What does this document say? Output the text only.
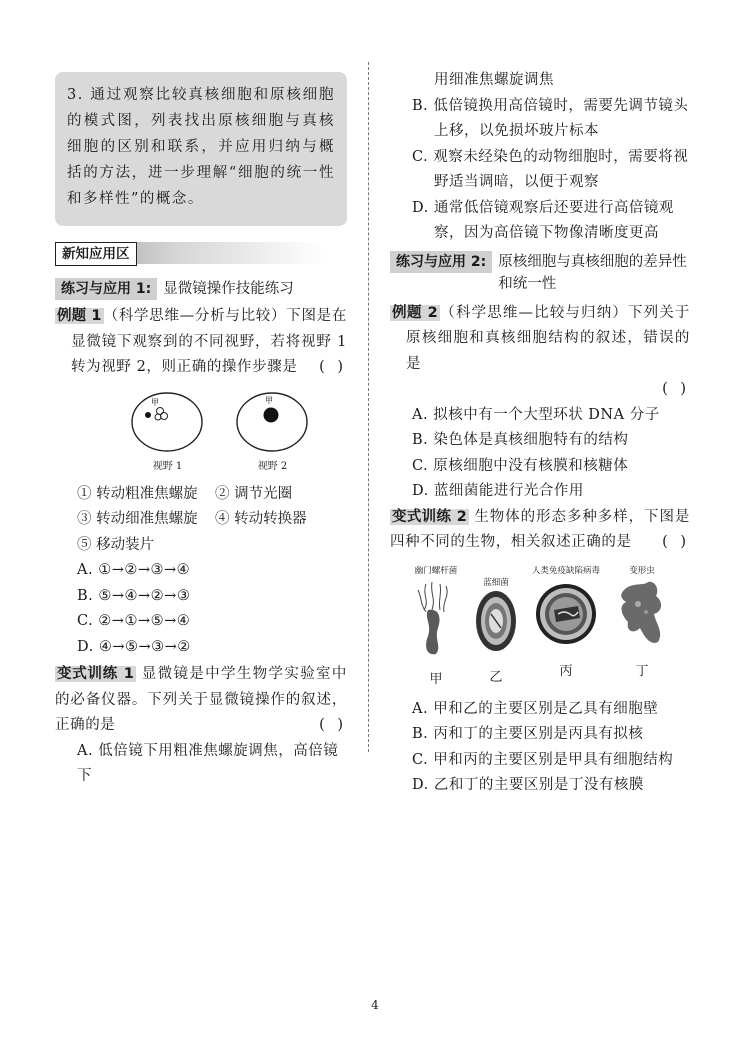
3. 通过观察比较真核细胞和原核细胞的模式图，列表找出原核细胞与真核细胞的区别和联系，并应用归纳与概括的方法，进一步理解“细胞的统一性和多样性”的概念。
新知应用区
练习与应用 1: 显微镜操作技能练习
例题 1 （科学思维—分析与比较）下图是在显微镜下观察到的不同视野，若将视野 1 转为视野 2，则正确的操作步骤是 ( )
甲
视野 1
甲
视野 2
① 转动粗准焦螺旋	② 调节光圈
③ 转动细准焦螺旋	④ 转动转换器
⑤ 移动装片
A. ①→②→③→④
B. ⑤→④→②→③
C. ②→①→⑤→④
D. ④→⑤→③→②
变式训练 1 显微镜是中学生物学实验室中的必备仪器。下列关于显微镜操作的叙述，正确的是	( )
A. 低倍镜下用粗准焦螺旋调焦，高倍镜下
用细准焦螺旋调焦
B. 低倍镜换用高倍镜时，需要先调节镜头
上移，以免损坏玻片标本
C. 观察未经染色的动物细胞时，需要将视
野适当调暗，以便于观察
D. 通常低倍镜观察后还要进行高倍镜观
察，因为高倍镜下物像清晰度更高
练习与应用 2: 原核细胞与真核细胞的差异性和统一性
例题 2 （科学思维—比较与归纳）下列关于原核细胞和真核细胞结构的叙述，错误的是
( )
A. 拟核中有一个大型环状 DNA 分子
B. 染色体是真核细胞特有的结构
C. 原核细胞中没有核膜和核糖体
D. 蓝细菌能进行光合作用
变式训练 2 生物体的形态多种多样，下图是四种不同的生物，相关叙述正确的是 ( )
幽门螺杆菌
甲
蓝细菌
乙
人类免疫缺陷病毒
丙
变形虫
丁
A. 甲和乙的主要区别是乙具有细胞壁
B. 丙和丁的主要区别是丙具有拟核
C. 甲和丙的主要区别是甲具有细胞结构
D. 乙和丁的主要区别是丁没有核膜
4
